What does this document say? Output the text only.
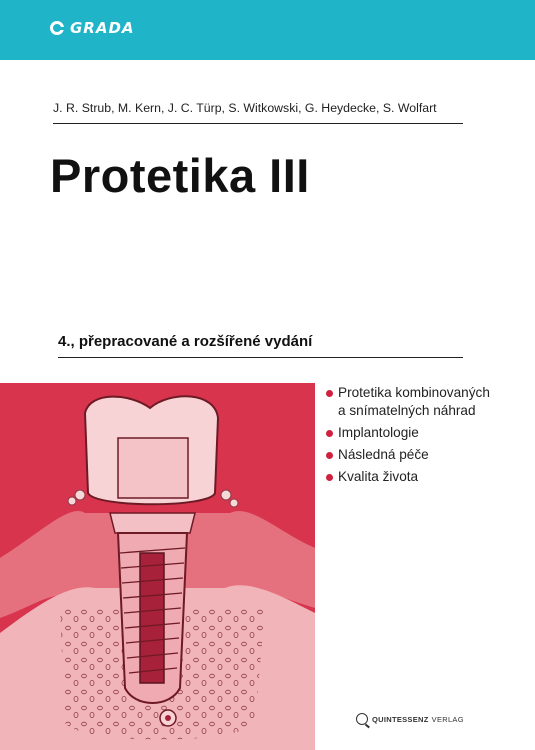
GRADA
J. R. Strub, M. Kern, J. C. Türp, S. Witkowski, G. Heydecke, S. Wolfart
Protetika III
4., přepracované a rozšířené vydání
Protetika kombinovaných
а snímatelných náhrad
Implantologie
Následná péče
Kvalita života
QUINTESSENZ VERLAG
